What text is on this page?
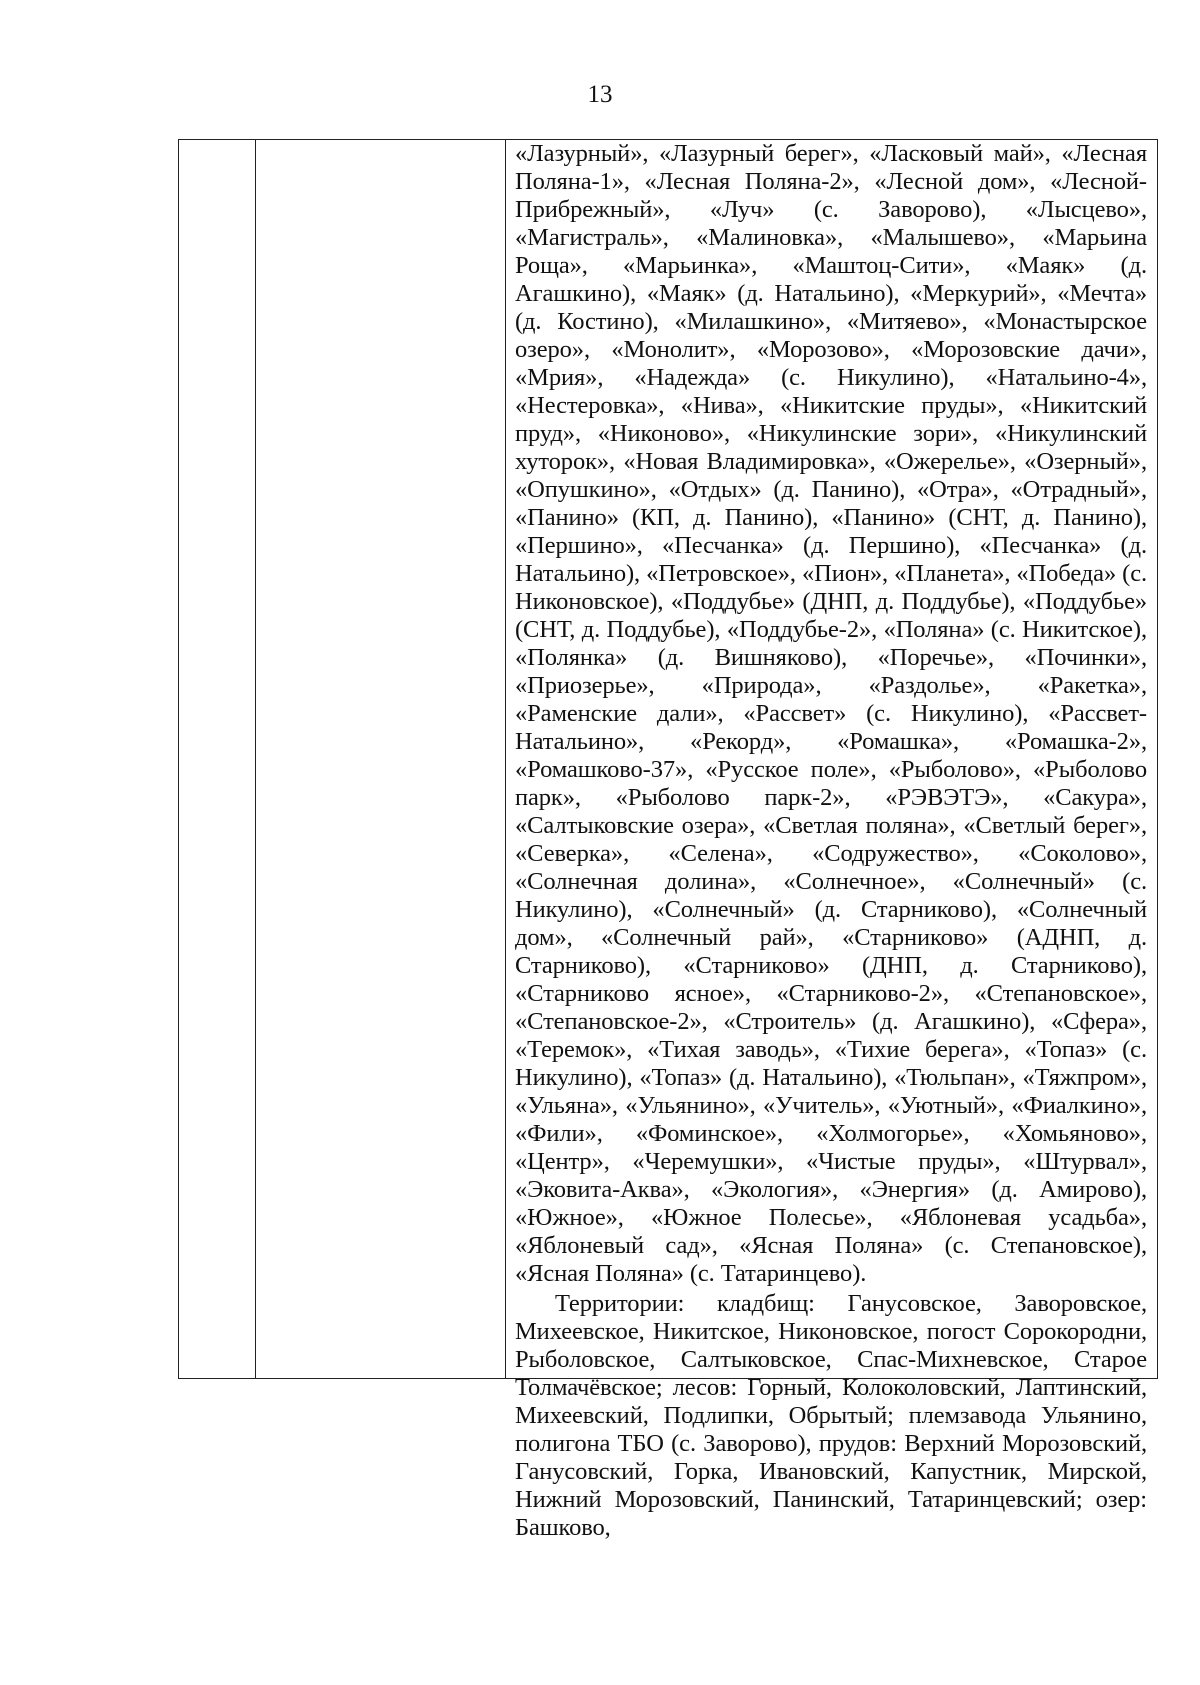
13

«Лазурный», «Лазурный берег», «Ласковый май», «Лесная Поляна-1», «Лесная Поляна-2», «Лесной дом», «Лесной-Прибрежный», «Луч» (с. Заворово), «Лысцево», «Магистраль», «Малиновка», «Малышево», «Марьина Роща», «Марьинка», «Маштоц-Сити», «Маяк» (д. Агашкино), «Маяк» (д. Натальино), «Меркурий», «Мечта» (д. Костино), «Милашкино», «Митяево», «Монастырское озеро», «Монолит», «Морозово», «Морозовские дачи», «Мрия», «Надежда» (с. Никулино), «Натальино-4», «Нестеровка», «Нива», «Никитские пруды», «Никитский пруд», «Никоново», «Никулинские зори», «Никулинский хуторок», «Новая Владимировка», «Ожерелье», «Озерный», «Опушкино», «Отдых» (д. Панино), «Отра», «Отрадный», «Панино» (КП, д. Панино), «Панино» (СНТ, д. Панино), «Першино», «Песчанка» (д. Першино), «Песчанка» (д. Натальино), «Петровское», «Пион», «Планета», «Победа» (с. Никоновское), «Поддубье» (ДНП, д. Поддубье), «Поддубье» (СНТ, д. Поддубье), «Поддубье-2», «Поляна» (с. Никитское), «Полянка» (д. Вишняково), «Поречье», «Починки», «Приозерье», «Природа», «Раздолье», «Ракетка», «Раменские дали», «Рассвет» (с. Никулино), «Рассвет-Натальино», «Рекорд», «Ромашка», «Ромашка-2», «Ромашково-37», «Русское поле», «Рыболово», «Рыболово парк», «Рыболово парк-2», «РЭВЭТЭ», «Сакура», «Салтыковские озера», «Светлая поляна», «Светлый берег», «Северка», «Селена», «Содружество», «Соколово», «Солнечная долина», «Солнечное», «Солнечный» (с. Никулино), «Солнечный» (д. Старниково), «Солнечный дом», «Солнечный рай», «Старниково» (АДНП, д. Старниково), «Старниково» (ДНП, д. Старниково), «Старниково ясное», «Старниково-2», «Степановское», «Степановское-2», «Строитель» (д. Агашкино), «Сфера», «Теремок», «Тихая заводь», «Тихие берега», «Топаз» (с. Никулино), «Топаз» (д. Натальино), «Тюльпан», «Тяжпром», «Ульяна», «Ульянино», «Учитель», «Уютный», «Фиалкино», «Фили», «Фоминское», «Холмогорье», «Хомьяново», «Центр», «Черемушки», «Чистые пруды», «Штурвал», «Эковита-Аква», «Экология», «Энергия» (д. Амирово), «Южное», «Южное Полесье», «Яблоневая усадьба», «Яблоневый сад», «Ясная Поляна» (с. Степановское), «Ясная Поляна» (с. Татаринцево).

Территории: кладбищ: Ганусовское, Заворовское, Михеевское, Никитское, Никоновское, погост Сорокородни, Рыболовское, Салтыковское, Спас-Михневское, Старое Толмачёвское; лесов: Горный, Колоколовский, Лаптинский, Михеевский, Подлипки, Обрытый; племзавода Ульянино, полигона ТБО (с. Заворово), прудов: Верхний Морозовский, Ганусовский, Горка, Ивановский, Капустник, Мирской, Нижний Морозовский, Панинский, Татаринцевский; озер: Башково,
